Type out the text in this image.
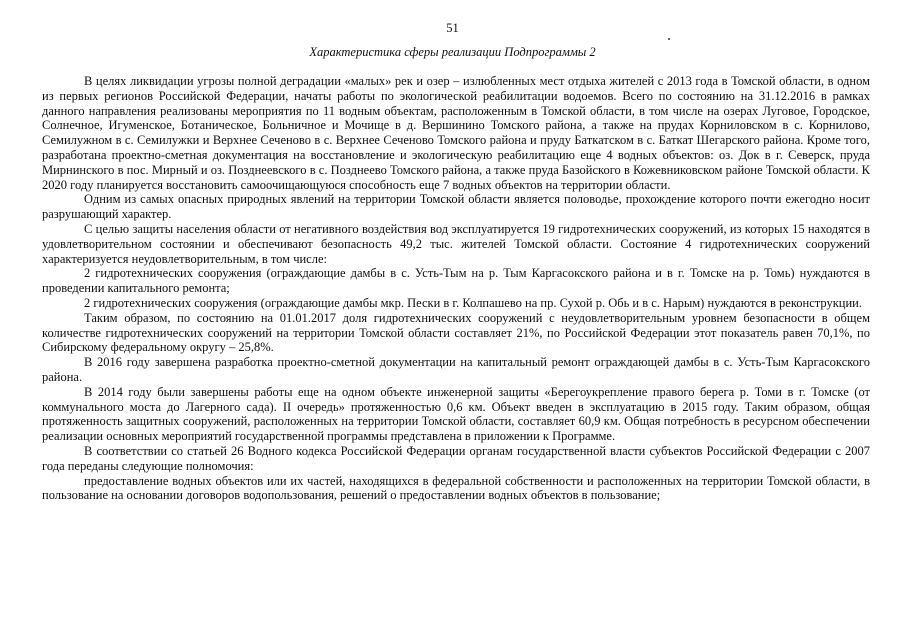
51
Характеристика сферы реализации Подпрограммы 2

В целях ликвидации угрозы полной деградации «малых» рек и озер – излюбленных мест отдыха жителей с 2013 года в Томской области, в одном из первых регионов Российской Федерации, начаты работы по экологической реабилитации водоемов. Всего по состоянию на 31.12.2016 в рамках данного направления реализованы мероприятия по 11 водным объектам, расположенным в Томской области, в том числе на озерах Луговое, Городское, Солнечное, Игуменское, Ботаническое, Больничное и Мочище в д. Вершинино Томского района, а также на прудах Корниловском в с. Корнилово, Семилужном в с. Семилужки и Верхнее Сеченово в с. Верхнее Сеченово Томского района и пруду Баткатском в с. Баткат Шегарского района. Кроме того, разработана проектно-сметная документация на восстановление и экологическую реабилитацию еще 4 водных объектов: оз. Док в г. Северск, пруда Мирнинского в пос. Мирный и оз. Позднеевского в с. Позднеево Томского района, а также пруда Базойского в Кожевниковском районе Томской области. К 2020 году планируется восстановить самоочищающуюся способность еще 7 водных объектов на территории области.

Одним из самых опасных природных явлений на территории Томской области является половодье, прохождение которого почти ежегодно носит разрушающий характер.

С целью защиты населения области от негативного воздействия вод эксплуатируется 19 гидротехнических сооружений, из которых 15 находятся в удовлетворительном состоянии и обеспечивают безопасность 49,2 тыс. жителей Томской области. Состояние 4 гидротехнических сооружений характеризуется неудовлетворительным, в том числе:

2 гидротехнических сооружения (ограждающие дамбы в с. Усть-Тым на р. Тым Каргасокского района и в г. Томске на р. Томь) нуждаются в проведении капитального ремонта;

2 гидротехнических сооружения (ограждающие дамбы мкр. Пески в г. Колпашево на пр. Сухой р. Обь и в с. Нарым) нуждаются в реконструкции.

Таким образом, по состоянию на 01.01.2017 доля гидротехнических сооружений с неудовлетворительным уровнем безопасности в общем количестве гидротехнических сооружений на территории Томской области составляет 21%, по Российской Федерации этот показатель равен 70,1%, по Сибирскому федеральному округу – 25,8%.

В 2016 году завершена разработка проектно-сметной документации на капитальный ремонт ограждающей дамбы в с. Усть-Тым Каргасокского района.

В 2014 году были завершены работы еще на одном объекте инженерной защиты «Берегоукрепление правого берега р. Томи в г. Томске (от коммунального моста до Лагерного сада). II очередь» протяженностью 0,6 км. Объект введен в эксплуатацию в 2015 году. Таким образом, общая протяженность защитных сооружений, расположенных на территории Томской области, составляет 60,9 км. Общая потребность в ресурсном обеспечении реализации основных мероприятий государственной программы представлена в приложении к Программе.

В соответствии со статьей 26 Водного кодекса Российской Федерации органам государственной власти субъектов Российской Федерации с 2007 года переданы следующие полномочия:

предоставление водных объектов или их частей, находящихся в федеральной собственности и расположенных на территории Томской области, в пользование на основании договоров водопользования, решений о предоставлении водных объектов в пользование;
